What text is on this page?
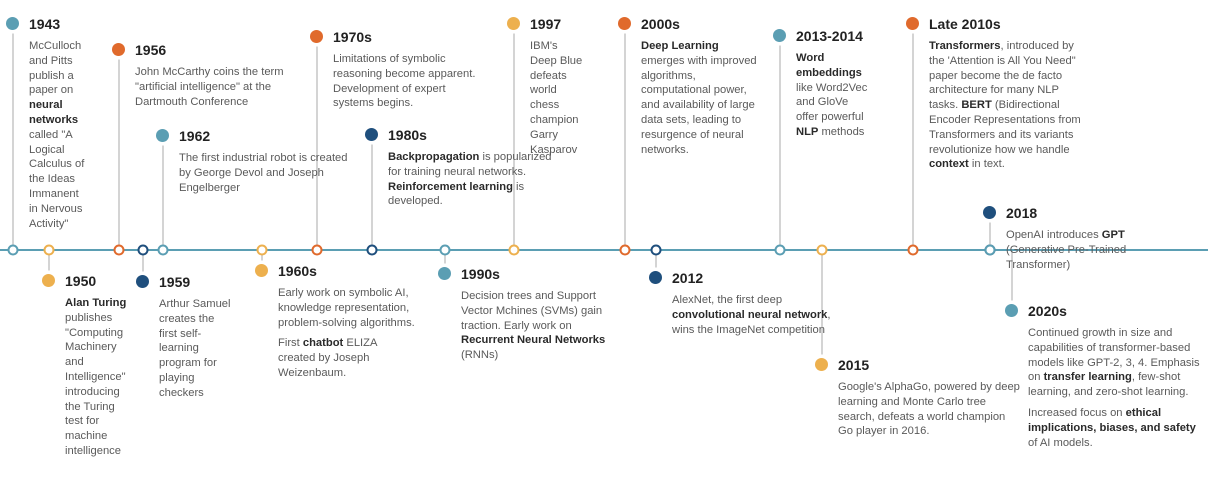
1943

McCulloch and Pitts publish a paper on neural networks called "A Logical Calculus of the Ideas Immanent in Nervous Activity"

1950

Alan Turing publishes "Computing Machinery and Intelligence" introducing the Turing test for machine intelligence

1956

John McCarthy coins the term "artificial intelligence" at the Dartmouth Conference

1959

Arthur Samuel creates the first self-learning program for playing checkers

1962

The first industrial robot is created by George Devol and Joseph Engelberger

1960s

Early work on symbolic AI, knowledge representation, problem-solving algorithms.

First chatbot ELIZA created by Joseph Weizenbaum.

1970s

Limitations of symbolic reasoning become apparent. Development of expert systems begins.

1980s

Backpropagation is popularized for training neural networks. Reinforcement learning is developed.

1990s

Decision trees and Support Vector Mchines (SVMs) gain traction. Early work on Recurrent Neural Networks (RNNs)

1997

IBM's Deep Blue defeats world chess champion Garry Kasparov

2000s

Deep Learning emerges with improved algorithms, computational power, and availability of large data sets, leading to resurgence of neural networks.

2012

AlexNet, the first deep convolutional neural network, wins the ImageNet competition

2013-2014

Word embeddings like Word2Vec and GloVe offer powerful NLP methods

2015

Google's AlphaGo, powered by deep learning and Monte Carlo tree search, defeats a world champion Go player in 2016.

Late 2010s

Transformers, introduced by the 'Attention is All You Need" paper become the de facto architecture for many NLP tasks. BERT (Bidirectional Encoder Representations from Transformers and its variants revolutionize how we handle context in text.

2018

OpenAI introduces GPT (Generative Pre-Trained Transformer)

2020s

Continued growth in size and capabilities of transformer-based models like GPT-2, 3, 4. Emphasis on transfer learning, few-shot learning, and zero-shot learning.

Increased focus on ethical implications, biases, and safety of AI models.
